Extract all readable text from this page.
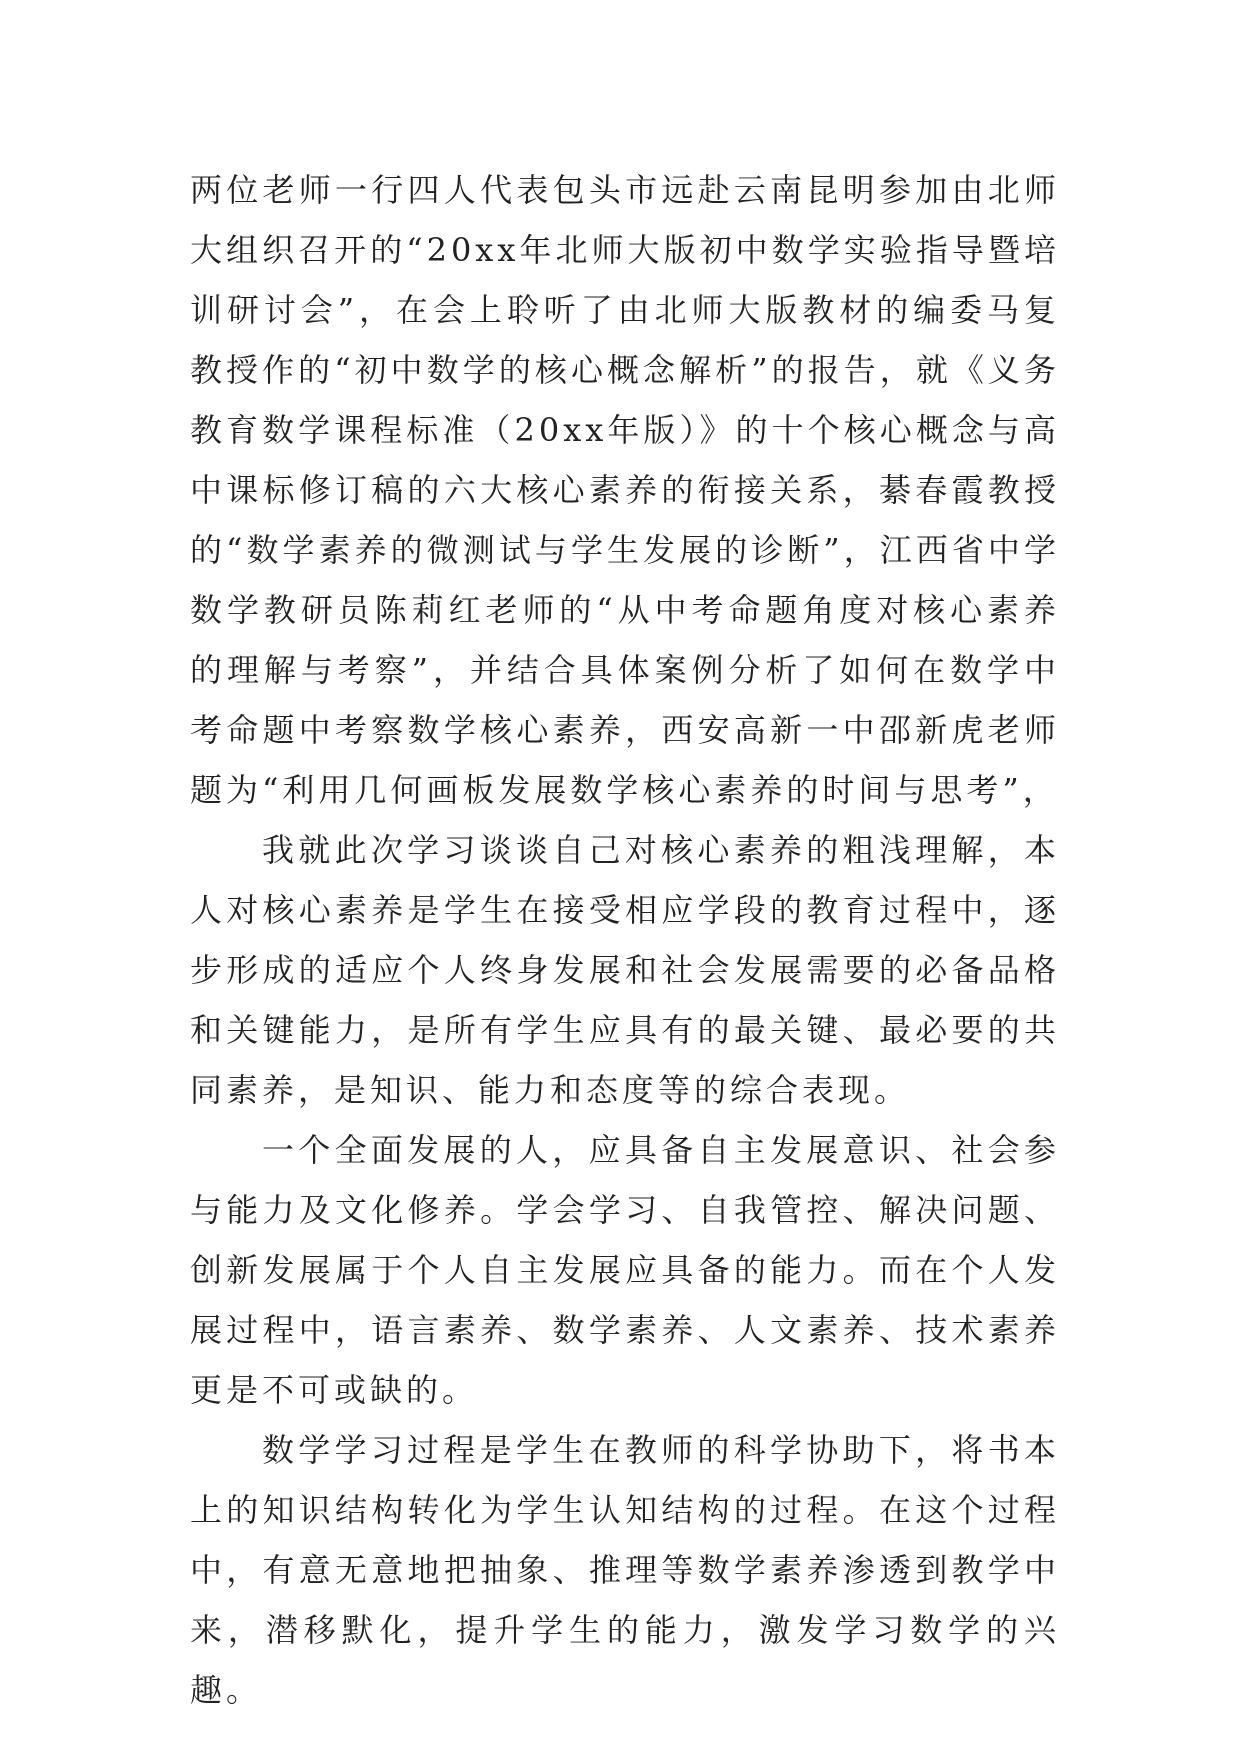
两位老师一行四人代表包头市远赴云南昆明参加由北师大组织召开的“20xx年北师大版初中数学实验指导暨培训研讨会”，在会上聆听了由北师大版教材的编委马复教授作的“初中数学的核心概念解析”的报告，就《义务教育数学课程标准（20xx年版）》的十个核心概念与高中课标修订稿的六大核心素养的衔接关系，綦春霞教授 的“数学素养的微测试与学生发展的诊断”，江西省中学数学教研员陈莉红老师的“从中考命题角度对核心素养的理解与考察”，并结合具体案例分析了如何在数学中考命题中考察数学核心素养，西安高新一中邵新虎老师题为“利用几何画板发展数学核心素养的时间与思考”，

我就此次学习谈谈自己对核心素养的粗浅理解，本人对核心素养是学生在接受相应学段的教育过程中，逐步形成的适应个人终身发展和社会发展需要的必备品格和关键能力，是所有学生应具有的最关键、最必要的共同素养，是知识、能力和态度等的综合表现。

一个全面发展的人，应具备自主发展意识、社会参与能力及文化修养。学会学习、自我管控、解决问题、创新发展属于个人自主发展应具备的能力。而在个人发展过程中，语言素养、数学素养、人文素养、技术素养更是不可或缺的。

数学学习过程是学生在教师的科学协助下，将书本上的知识结构转化为学生认知结构的过程。在这个过程中，有意无意地把抽象、推理等数学素养渗透到教学中来，潜移默化，提升学生的能力，激发学习数学的兴趣。
